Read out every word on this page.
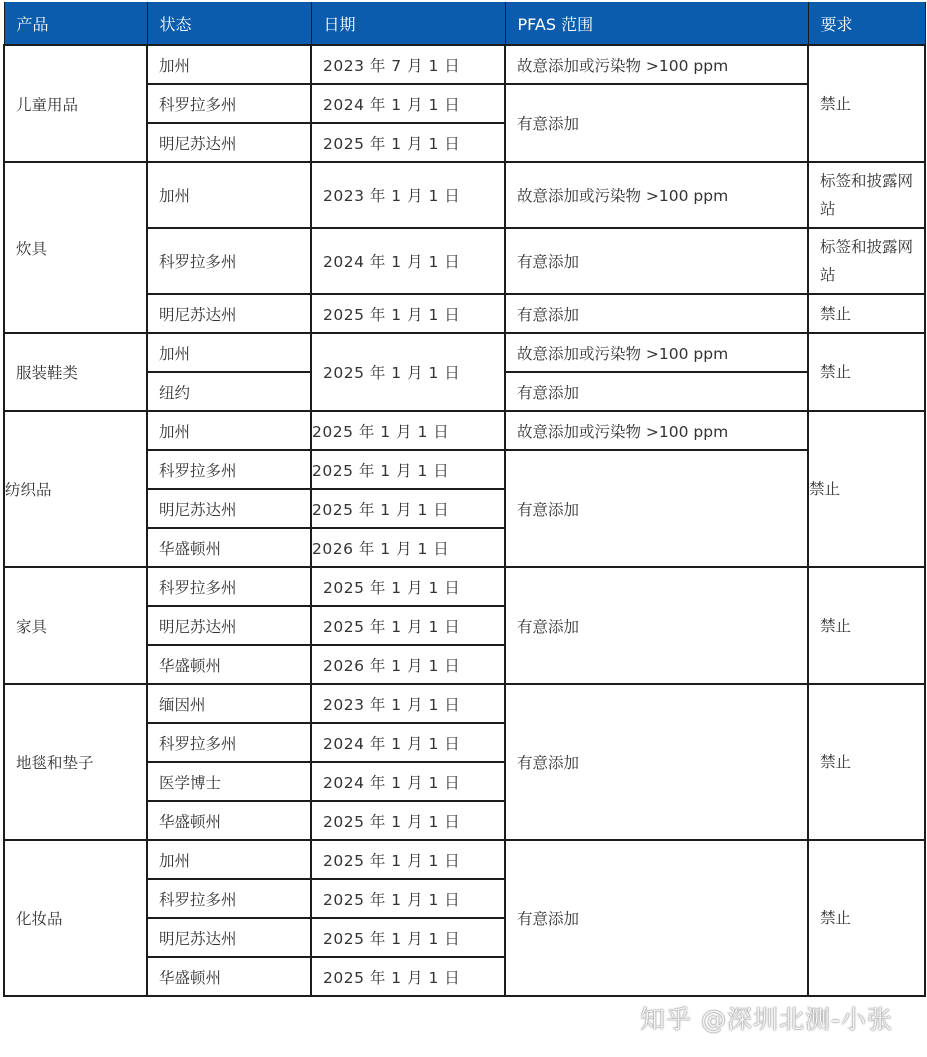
产品	状态	日期	PFAS 范围	要求
儿童用品	加州	2023 年 7 月 1 日	故意添加或污染物 >100 ppm	禁止
	科罗拉多州	2024 年 1 月 1 日	有意添加	
	明尼苏达州	2025 年 1 月 1 日		
炊具	加州	2023 年 1 月 1 日	故意添加或污染物 >100 ppm	标签和披露网站
	科罗拉多州	2024 年 1 月 1 日	有意添加	标签和披露网站
	明尼苏达州	2025 年 1 月 1 日	有意添加	禁止
服装鞋类	加州	2025 年 1 月 1 日	故意添加或污染物 >100 ppm	禁止
	纽约		有意添加	
纺织品	加州	2025 年 1 月 1 日	故意添加或污染物 >100 ppm	禁止
	科罗拉多州	2025 年 1 月 1 日	有意添加	
	明尼苏达州	2025 年 1 月 1 日		
	华盛顿州	2026 年 1 月 1 日		
家具	科罗拉多州	2025 年 1 月 1 日	有意添加	禁止
	明尼苏达州	2025 年 1 月 1 日		
	华盛顿州	2026 年 1 月 1 日		
地毯和垫子	缅因州	2023 年 1 月 1 日	有意添加	禁止
	科罗拉多州	2024 年 1 月 1 日		
	医学博士	2024 年 1 月 1 日		
	华盛顿州	2025 年 1 月 1 日		
化妆品	加州	2025 年 1 月 1 日	有意添加	禁止
	科罗拉多州	2025 年 1 月 1 日		
	明尼苏达州	2025 年 1 月 1 日		
	华盛顿州	2025 年 1 月 1 日		
知乎 @深圳北测-小张
